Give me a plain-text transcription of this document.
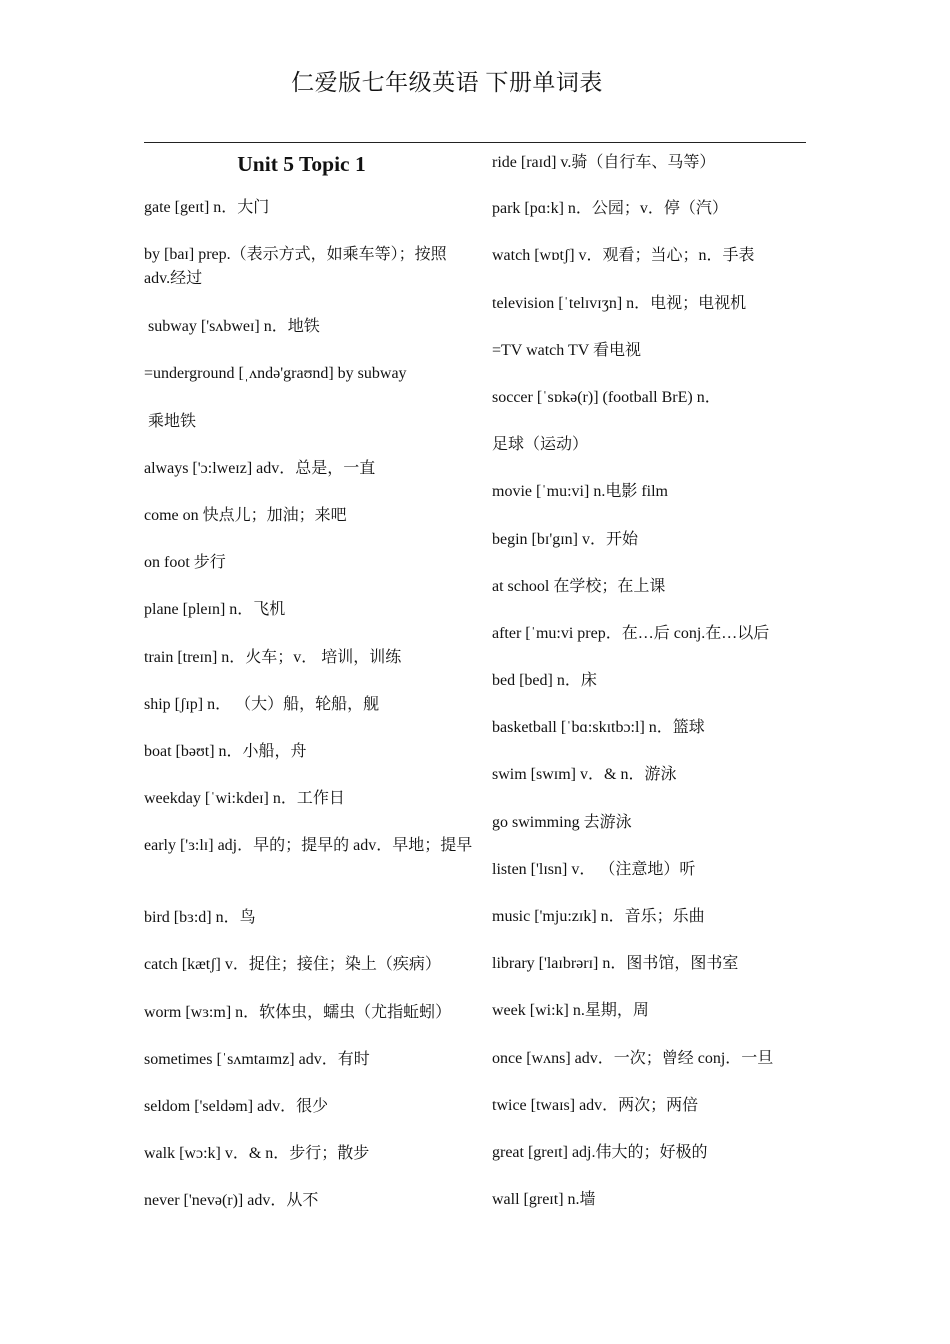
仁爱版七年级英语 下册单词表
Unit 5 Topic 1

gate [geɪt] n．大门

by [baɪ] prep.（表示方式，如乘车等）；按照 adv.经过

subway ['sʌbweɪ] n．地铁

=underground [ˌʌndə'graʊnd] by subway

乘地铁

always ['ɔ:lweɪz] adv．总是，一直

come on 快点儿；加油；来吧

on foot 步行

plane [pleɪn] n．飞机

train [treɪn] n．火车；v． 培训，训练

ship [ʃɪp] n． （大）船，轮船，舰

boat [bəʊt] n．小船，舟

weekday [ˈwi:kdeɪ] n．工作日

early ['ɜ:lɪ] adj．早的；提早的 adv．早地；提早

bird [bɜ:d] n．鸟

catch [kætʃ] v．捉住；接住；染上（疾病）

worm [wɜ:m] n．软体虫，蠕虫（尤指蚯蚓）

sometimes [ˈsʌmtaɪmz] adv．有时

seldom ['seldəm] adv．很少

walk [wɔ:k] v．& n．步行；散步

never ['nevə(r)] adv．从不

ride [raɪd] v.骑（自行车、马等）

park [pɑ:k] n．公园；v．停（汽）

watch [wɒtʃ] v．观看；当心；n．手表

television [ˈtelɪvɪʒn] n．电视；电视机

=TV watch TV 看电视

soccer [ˈsɒkə(r)] (football BrE) n．

足球（运动）

movie [ˈmu:vi] n.电影 film

begin [bɪ'gɪn] v．开始

at school 在学校；在上课

after [ˈmu:vi prep．在…后 conj.在…以后

bed [bed] n．床

basketball [ˈbɑ:skɪtbɔ:l] n．篮球

swim [swɪm] v．& n．游泳

go swimming 去游泳

listen ['lɪsn] v． （注意地）听

music ['mju:zɪk] n．音乐；乐曲

library ['laɪbrərɪ] n．图书馆，图书室

week [wi:k] n.星期，周

once [wʌns] adv．一次；曾经 conj．一旦

twice [twaɪs] adv．两次；两倍

great [greɪt] adj.伟大的；好极的

wall [greɪt] n.墙
